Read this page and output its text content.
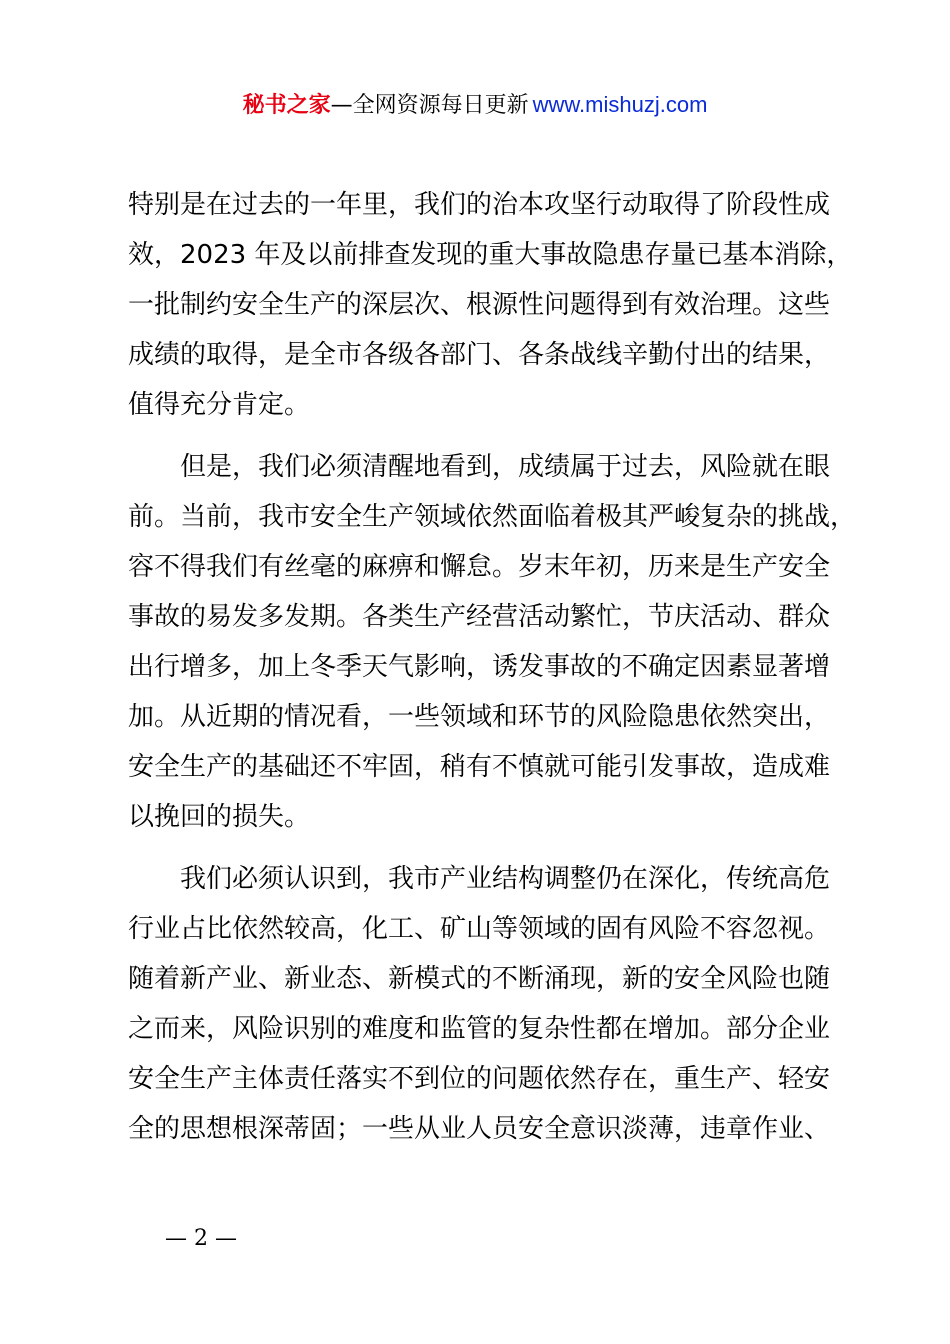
秘书之家—全网资源每日更新 www.mishuzj.com
特别是在过去的一年里，我们的治本攻坚行动取得了阶段性成
效，2023 年及以前排查发现的重大事故隐患存量已基本消除，
一批制约安全生产的深层次、根源性问题得到有效治理。这些
成绩的取得，是全市各级各部门、各条战线辛勤付出的结果，
值得充分肯定。
　　但是，我们必须清醒地看到，成绩属于过去，风险就在眼
前。当前，我市安全生产领域依然面临着极其严峻复杂的挑战，
容不得我们有丝毫的麻痹和懈怠。岁末年初，历来是生产安全
事故的易发多发期。各类生产经营活动繁忙，节庆活动、群众
出行增多，加上冬季天气影响，诱发事故的不确定因素显著增
加。从近期的情况看，一些领域和环节的风险隐患依然突出，
安全生产的基础还不牢固，稍有不慎就可能引发事故，造成难
以挽回的损失。
　　我们必须认识到，我市产业结构调整仍在深化，传统高危
行业占比依然较高，化工、矿山等领域的固有风险不容忽视。
随着新产业、新业态、新模式的不断涌现，新的安全风险也随
之而来，风险识别的难度和监管的复杂性都在增加。部分企业
安全生产主体责任落实不到位的问题依然存在，重生产、轻安
全的思想根深蒂固；一些从业人员安全意识淡薄，违章作业、
— 2 —
